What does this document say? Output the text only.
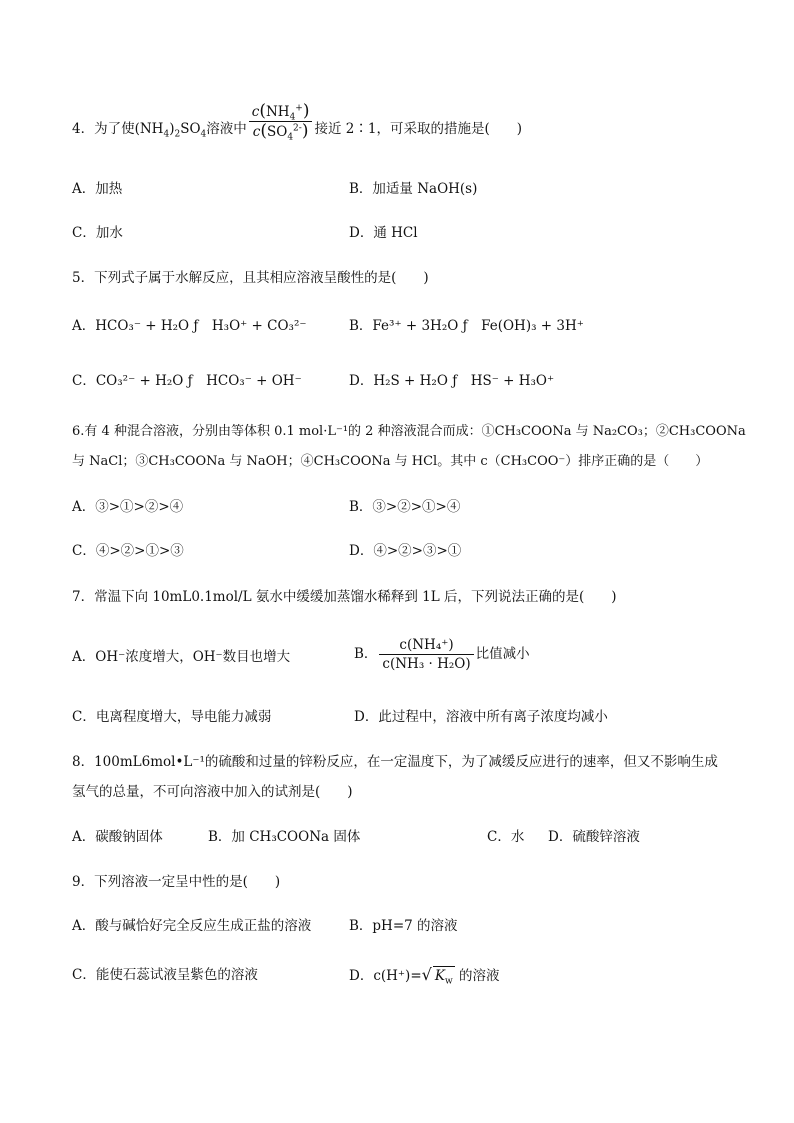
4．为了使$(NH_4)_2SO_4$溶液中 $\frac{c(NH_4^+)}{c(SO_4^{2-})}$ 接近 2∶1，可采取的措施是(　　)
A．加热	B．加适量 NaOH(s)
C．加水	D．通 HCl
5．下列式子属于水解反应，且其相应溶液呈酸性的是(　　)
A．HCO₃⁻ + H₂O ƒ　H₃O⁺ + CO₃²⁻	B．Fe³⁺ + 3H₂O ƒ　Fe(OH)₃ + 3H⁺
C．CO₃²⁻ + H₂O ƒ　HCO₃⁻ + OH⁻	D．H₂S + H₂O ƒ　HS⁻ + H₃O⁺
6.有 4 种混合溶液，分别由等体积 0.1 mol·L⁻¹的 2 种溶液混合而成：①CH₃COONa 与 Na₂CO₃；②CH₃COONa
与 NaCl；③CH₃COONa 与 NaOH；④CH₃COONa 与 HCl。其中 c（CH₃COO⁻）排序正确的是（　　）
A．③>①>②>④	B．③>②>①>④
C．④>②>①>③	D．④>②>③>①
7．常温下向 10mL0.1mol/L 氨水中缓缓加蒸馏水稀释到 1L 后，下列说法正确的是(　　)
A．OH⁻浓度增大，OH⁻数目也增大	B． $\frac{\text{c(NH₄⁺)}}{\text{c(NH₃ · H₂O)}}$ 比值减小
C．电离程度增大，导电能力减弱	D．此过程中，溶液中所有离子浓度均减小
8．100mL6mol•L⁻¹的硫酸和过量的锌粉反应，在一定温度下，为了减缓反应进行的速率，但又不影响生成
氢气的总量，不可向溶液中加入的试剂是(　　)
A．碳酸钠固体	B．加 CH₃COONa 固体	C．水 D．硫酸锌溶液
9．下列溶液一定呈中性的是(　　)
A．酸与碱恰好完全反应生成正盐的溶液	B．pH=7 的溶液
C．能使石蕊试液呈紫色的溶液	D．c(H⁺)=√ $K_w$ 的溶液
